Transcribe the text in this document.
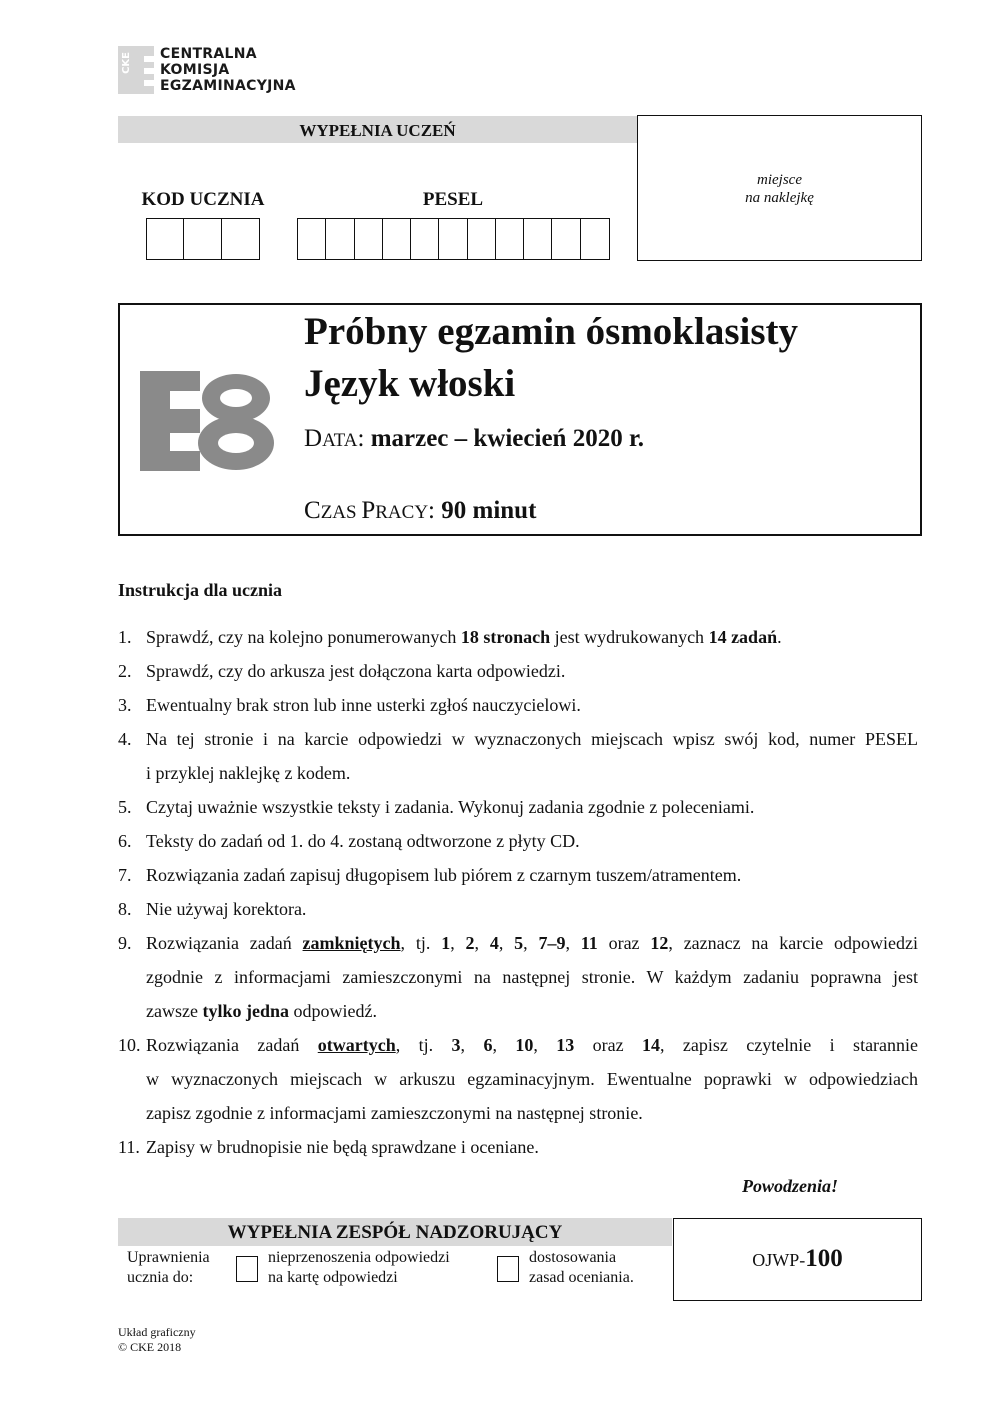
CKE	CENTRALNA
KOMISJA
EGZAMINACYJNA
WYPEŁNIA UCZEŃ
KOD UCZNIA	PESEL
miejsce
na naklejkę
Próbny egzamin ósmoklasisty
Język włoski
DATA: marzec – kwiecień 2020 r.
CZAS PRACY: 90 minut
Instrukcja dla ucznia
1. Sprawdź, czy na kolejno ponumerowanych 18 stronach jest wydrukowanych 14 zadań.
2. Sprawdź, czy do arkusza jest dołączona karta odpowiedzi.
3. Ewentualny brak stron lub inne usterki zgłoś nauczycielowi.
4. Na tej stronie i na karcie odpowiedzi w wyznaczonych miejscach wpisz swój kod, numer PESEL
i przyklej naklejkę z kodem.
5. Czytaj uważnie wszystkie teksty i zadania. Wykonuj zadania zgodnie z poleceniami.
6. Teksty do zadań od 1. do 4. zostaną odtworzone z płyty CD.
7. Rozwiązania zadań zapisuj długopisem lub piórem z czarnym tuszem/atramentem.
8. Nie używaj korektora.
9. Rozwiązania zadań zamkniętych, tj. 1, 2, 4, 5, 7–9, 11 oraz 12, zaznacz na karcie odpowiedzi
zgodnie z informacjami zamieszczonymi na następnej stronie. W każdym zadaniu poprawna jest
zawsze tylko jedna odpowiedź.
10. Rozwiązania zadań otwartych, tj. 3, 6, 10, 13 oraz 14, zapisz czytelnie i starannie
w wyznaczonych miejscach w arkuszu egzaminacyjnym. Ewentualne poprawki w odpowiedziach
zapisz zgodnie z informacjami zamieszczonymi na następnej stronie.
11. Zapisy w brudnopisie nie będą sprawdzane i oceniane.
Powodzenia!
WYPEŁNIA ZESPÓŁ NADZORUJĄCY
Uprawnienia
ucznia do:
nieprzenoszenia odpowiedzi
na kartę odpowiedzi
dostosowania
zasad oceniania.
OJWP-100
Układ graficzny
© CKE 2018
